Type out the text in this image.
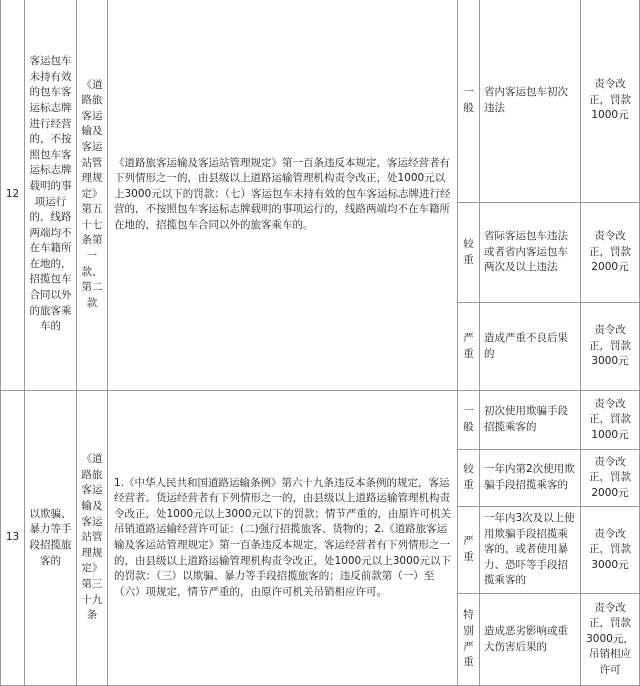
12
客运包车未持有效的包车客运标志牌进行经营的，不按照包车客运标志牌载明的事项运行的，线路两端均不在车籍所在地的，招揽包车合同以外的旅客乘车的
《道路旅客运输及客运站管理规定》第五十七条第一款、第二款
《道路旅客运输及客运站管理规定》第一百条违反本规定，客运经营者有下列情形之一的，由县级以上道路运输管理机构责令改正，处1000元以上3000元以下的罚款：（七）客运包车未持有效的包车客运标志牌进行经营的，不按照包车客运标志牌载明的事项运行的，线路两端均不在车籍所在地的，招揽包车合同以外的旅客乘车的。
一般
省内客运包车初次违法
责令改正，罚款1000元
较重
省际客运包车违法或者省内客运包车两次及以上违法
责令改正，罚款2000元
严重
造成严重不良后果的
责令改正，罚款3000元
13
以欺骗、暴力等手段招揽旅客的
《道路旅客运输及客运站管理规定》第三十九条
1.《中华人民共和国道路运输条例》第六十九条违反本条例的规定，客运经营者、货运经营者有下列情形之一的，由县级以上道路运输管理机构责令改正，处1000元以上3000元以下的罚款；情节严重的，由原许可机关吊销道路运输经营许可证：(二)强行招揽旅客、货物的；2.《道路旅客运输及客运站管理规定》第一百条违反本规定，客运经营者有下列情形之一的，由县级以上道路运输管理机构责令改正，处1000元以上3000元以下的罚款：（三）以欺骗、暴力等手段招揽旅客的；违反前款第（一）至（六）项规定，情节严重的，由原许可机关吊销相应许可。
一般
初次使用欺骗手段招揽乘客的
责令改正，罚款1000元
较重
一年内第2次使用欺骗手段招揽乘客的
责令改正，罚款2000元
严重
一年内3次及以上使用欺骗手段招揽乘客的，或者使用暴力、恐吓等手段招揽乘客的
责令改正，罚款3000元
特别严重
造成恶劣影响或重大伤害后果的
责令改正，罚款3000元，吊销相应许可
